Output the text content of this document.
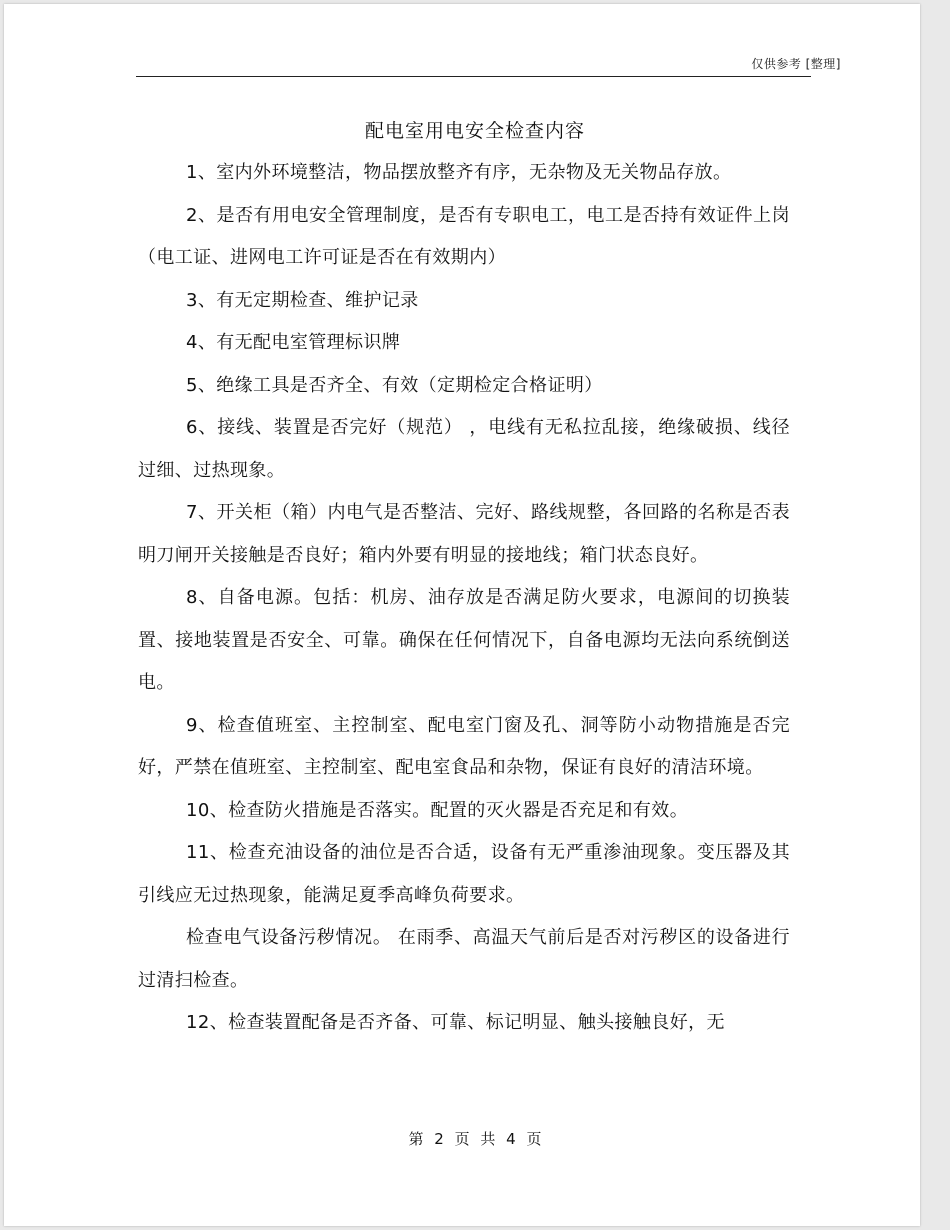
仅供参考 [整理]
配电室用电安全检查内容

1、室内外环境整洁，物品摆放整齐有序，无杂物及无关物品存放。

2、是否有用电安全管理制度，是否有专职电工，电工是否持有效证件上岗（电工证、进网电工许可证是否在有效期内）

3、有无定期检查、维护记录

4、有无配电室管理标识牌

5、绝缘工具是否齐全、有效（定期检定合格证明）

6、接线、装置是否完好（规范） ，电线有无私拉乱接，绝缘破损、线径过细、过热现象。

7、开关柜（箱）内电气是否整洁、完好、路线规整，各回路的名称是否表明刀闸开关接触是否良好；箱内外要有明显的接地线；箱门状态良好。

8、自备电源。包括：机房、油存放是否满足防火要求，电源间的切换装置、接地装置是否安全、可靠。确保在任何情况下，自备电源均无法向系统倒送电。

9、检查值班室、主控制室、配电室门窗及孔、洞等防小动物措施是否完好，严禁在值班室、主控制室、配电室食品和杂物，保证有良好的清洁环境。

10、检查防火措施是否落实。配置的灭火器是否充足和有效。

11、检查充油设备的油位是否合适，设备有无严重渗油现象。变压器及其引线应无过热现象，能满足夏季高峰负荷要求。

检查电气设备污秽情况。 在雨季、高温天气前后是否对污秽区的设备进行过清扫检查。

12、检查装置配备是否齐备、可靠、标记明显、触头接触良好，无

第 2 页 共 4 页
